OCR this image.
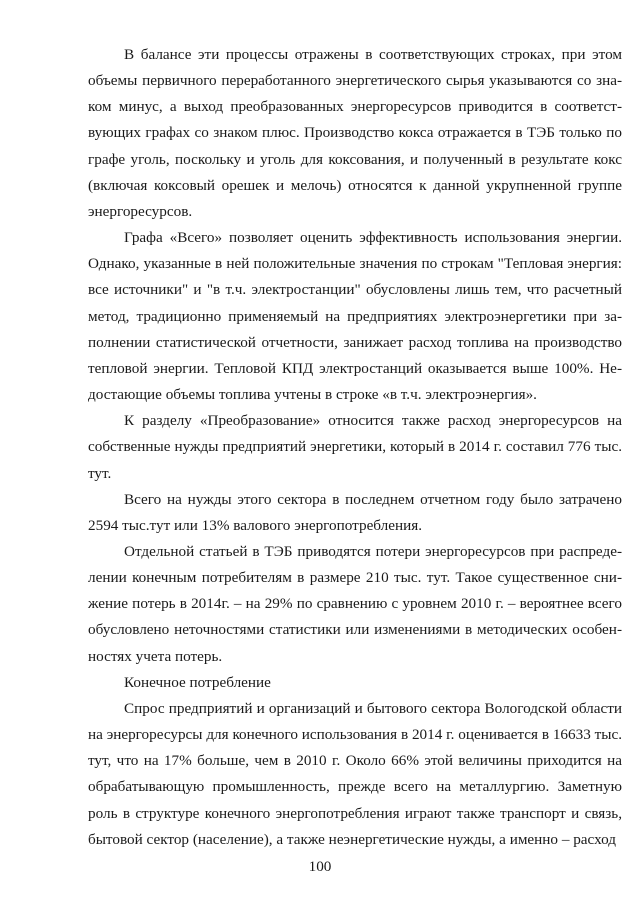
В балансе эти процессы отражены в соответствующих строках, при этом объемы первичного переработанного энергетического сырья указываются со знаком минус, а выход преобразованных энергоресурсов приводится в соответствующих графах со знаком плюс. Производство кокса отражается в ТЭБ только по графе уголь, поскольку и уголь для коксования, и полученный в результате кокс (включая коксовый орешек и мелочь) относятся к данной укрупненной группе энергоресурсов.

Графа «Всего» позволяет оценить эффективность использования энергии. Однако, указанные в ней положительные значения по строкам "Тепловая энергия: все источники" и "в т.ч. электростанции" обусловлены лишь тем, что расчетный метод, традиционно применяемый на предприятиях электроэнергетики при заполнении статистической отчетности, занижает расход топлива на производство тепловой энергии. Тепловой КПД электростанций оказывается выше 100%. Недостающие объемы топлива учтены в строке «в т.ч. электроэнергия».

К разделу «Преобразование» относится также расход энергоресурсов на собственные нужды предприятий энергетики, который в 2014 г. составил 776 тыс. тут.

Всего на нужды этого сектора в последнем отчетном году было затрачено 2594 тыс.тут или 13% валового энергопотребления.

Отдельной статьей в ТЭБ приводятся потери энергоресурсов при распределении конечным потребителям в размере 210 тыс. тут. Такое существенное снижение потерь в 2014г. – на 29% по сравнению с уровнем 2010 г. – вероятнее всего обусловлено неточностями статистики или изменениями в методических особенностях учета потерь.

Конечное потребление

Спрос предприятий и организаций и бытового сектора Вологодской области на энергоресурсы для конечного использования в 2014 г. оценивается в 16633 тыс. тут, что на 17% больше, чем в 2010 г. Около 66% этой величины приходится на обрабатывающую промышленность, прежде всего на металлургию. Заметную роль в структуре конечного энергопотребления играют также транспорт и связь, бытовой сектор (население), а также неэнергетические нужды, а именно – расход

100
